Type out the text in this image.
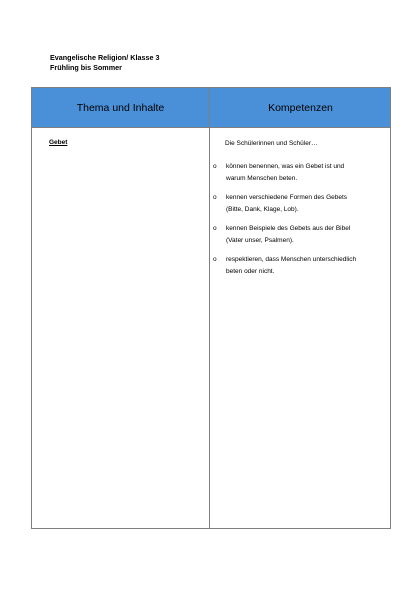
Evangelische Religion/ Klasse 3
Frühling bis Sommer
Thema und Inhalte	Kompetenzen
Gebet	Die Schülerinnen und Schüler…
o können benennen, was ein Gebet ist und
warum Menschen beten.
o kennen verschiedene Formen des Gebets
(Bitte, Dank, Klage, Lob).
o kennen Beispiele des Gebets aus der Bibel
(Vater unser, Psalmen).
o respektieren, dass Menschen unterschiedlich
beten oder nicht.
